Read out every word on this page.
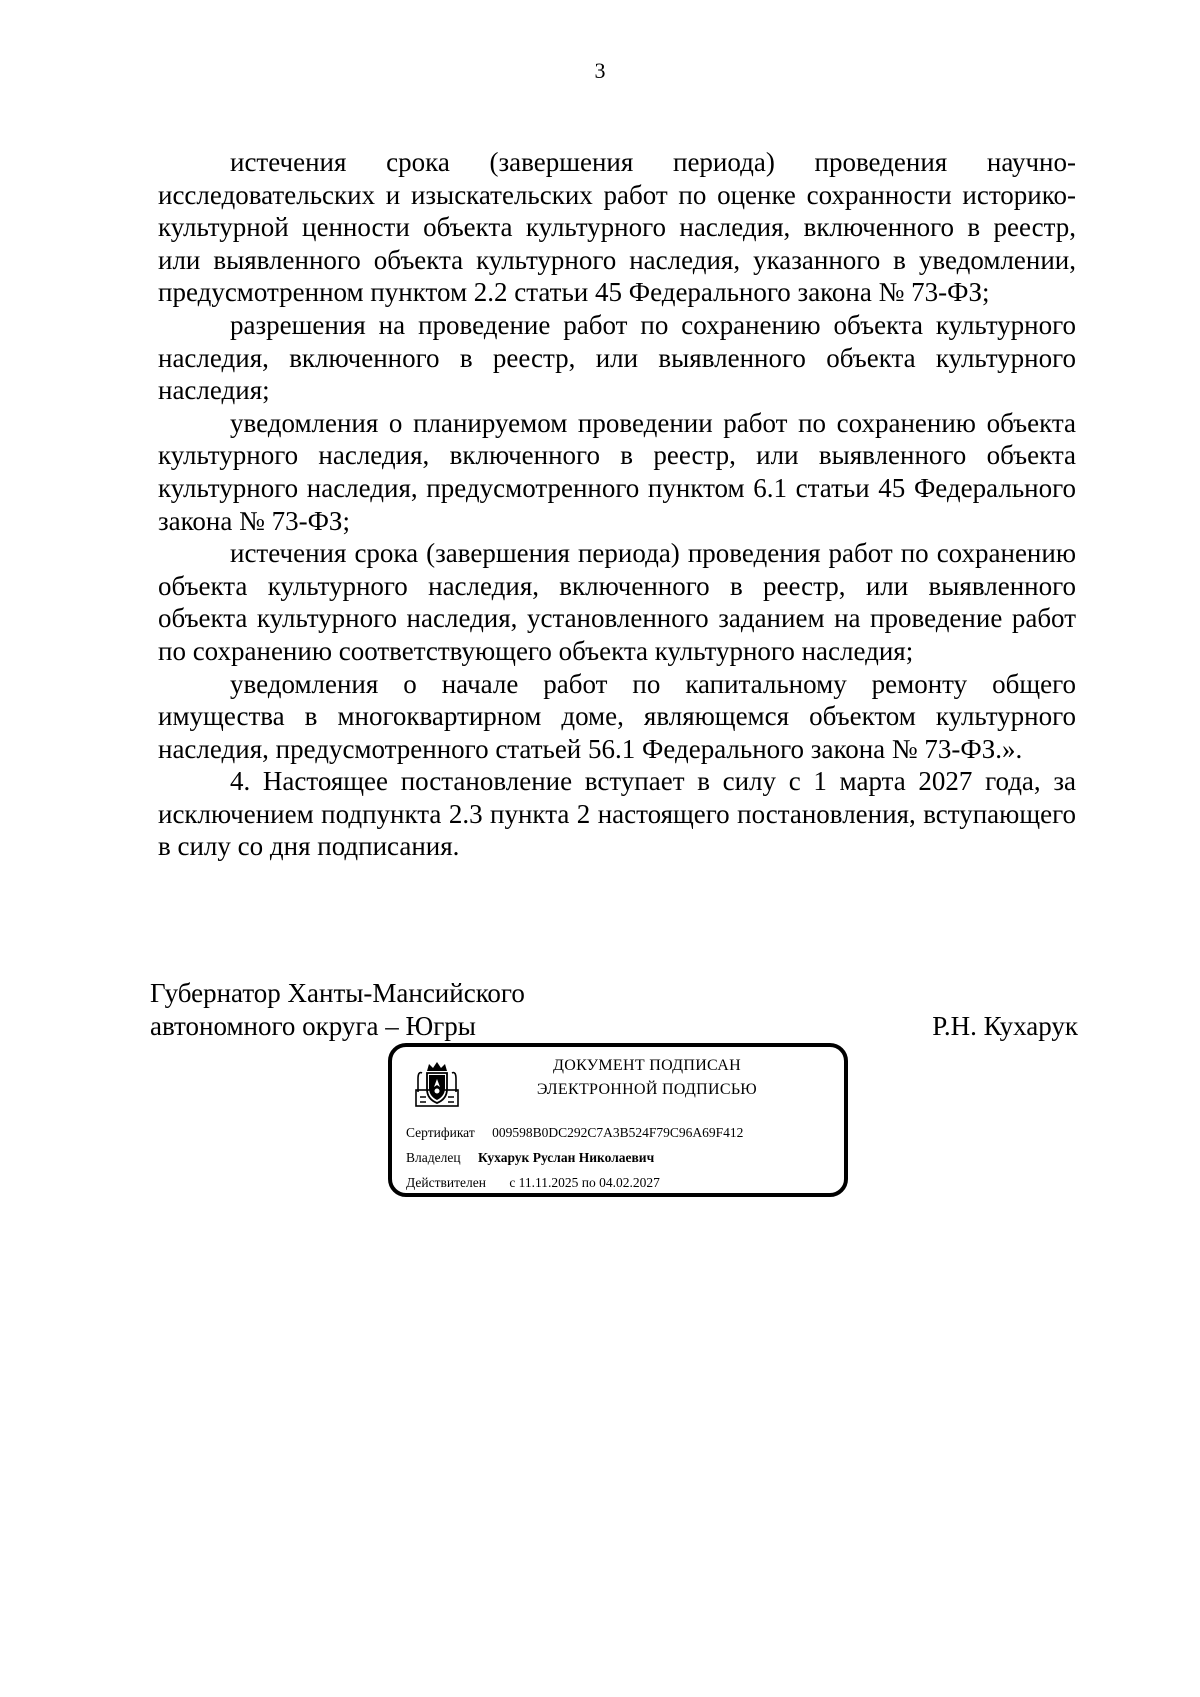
3

истечения срока (завершения периода) проведения научно-исследовательских и изыскательских работ по оценке сохранности историко-культурной ценности объекта культурного наследия, включенного в реестр, или выявленного объекта культурного наследия, указанного в уведомлении, предусмотренном пунктом 2.2 статьи 45 Федерального закона № 73-ФЗ;

разрешения на проведение работ по сохранению объекта культурного наследия, включенного в реестр, или выявленного объекта культурного наследия;

уведомления о планируемом проведении работ по сохранению объекта культурного наследия, включенного в реестр, или выявленного объекта культурного наследия, предусмотренного пунктом 6.1 статьи 45 Федерального закона № 73-ФЗ;

истечения срока (завершения периода) проведения работ по сохранению объекта культурного наследия, включенного в реестр, или выявленного объекта культурного наследия, установленного заданием на проведение работ по сохранению соответствующего объекта культурного наследия;

уведомления о начале работ по капитальному ремонту общего имущества в многоквартирном доме, являющемся объектом культурного наследия, предусмотренного статьей 56.1 Федерального закона № 73-ФЗ.».

4. Настоящее постановление вступает в силу с 1 марта 2027 года, за исключением подпункта 2.3 пункта 2 настоящего постановления, вступающего в силу со дня подписания.

Губернатор Ханты-Мансийского
автономного округа – Югры	Р.Н. Кухарук
ДОКУМЕНТ ПОДПИСАН
ЭЛЕКТРОННОЙ ПОДПИСЬЮ
Сертификат 009598B0DC292C7A3B524F79C96A69F412
Владелец Кухарук Руслан Николаевич
Действителен с 11.11.2025 по 04.02.2027
